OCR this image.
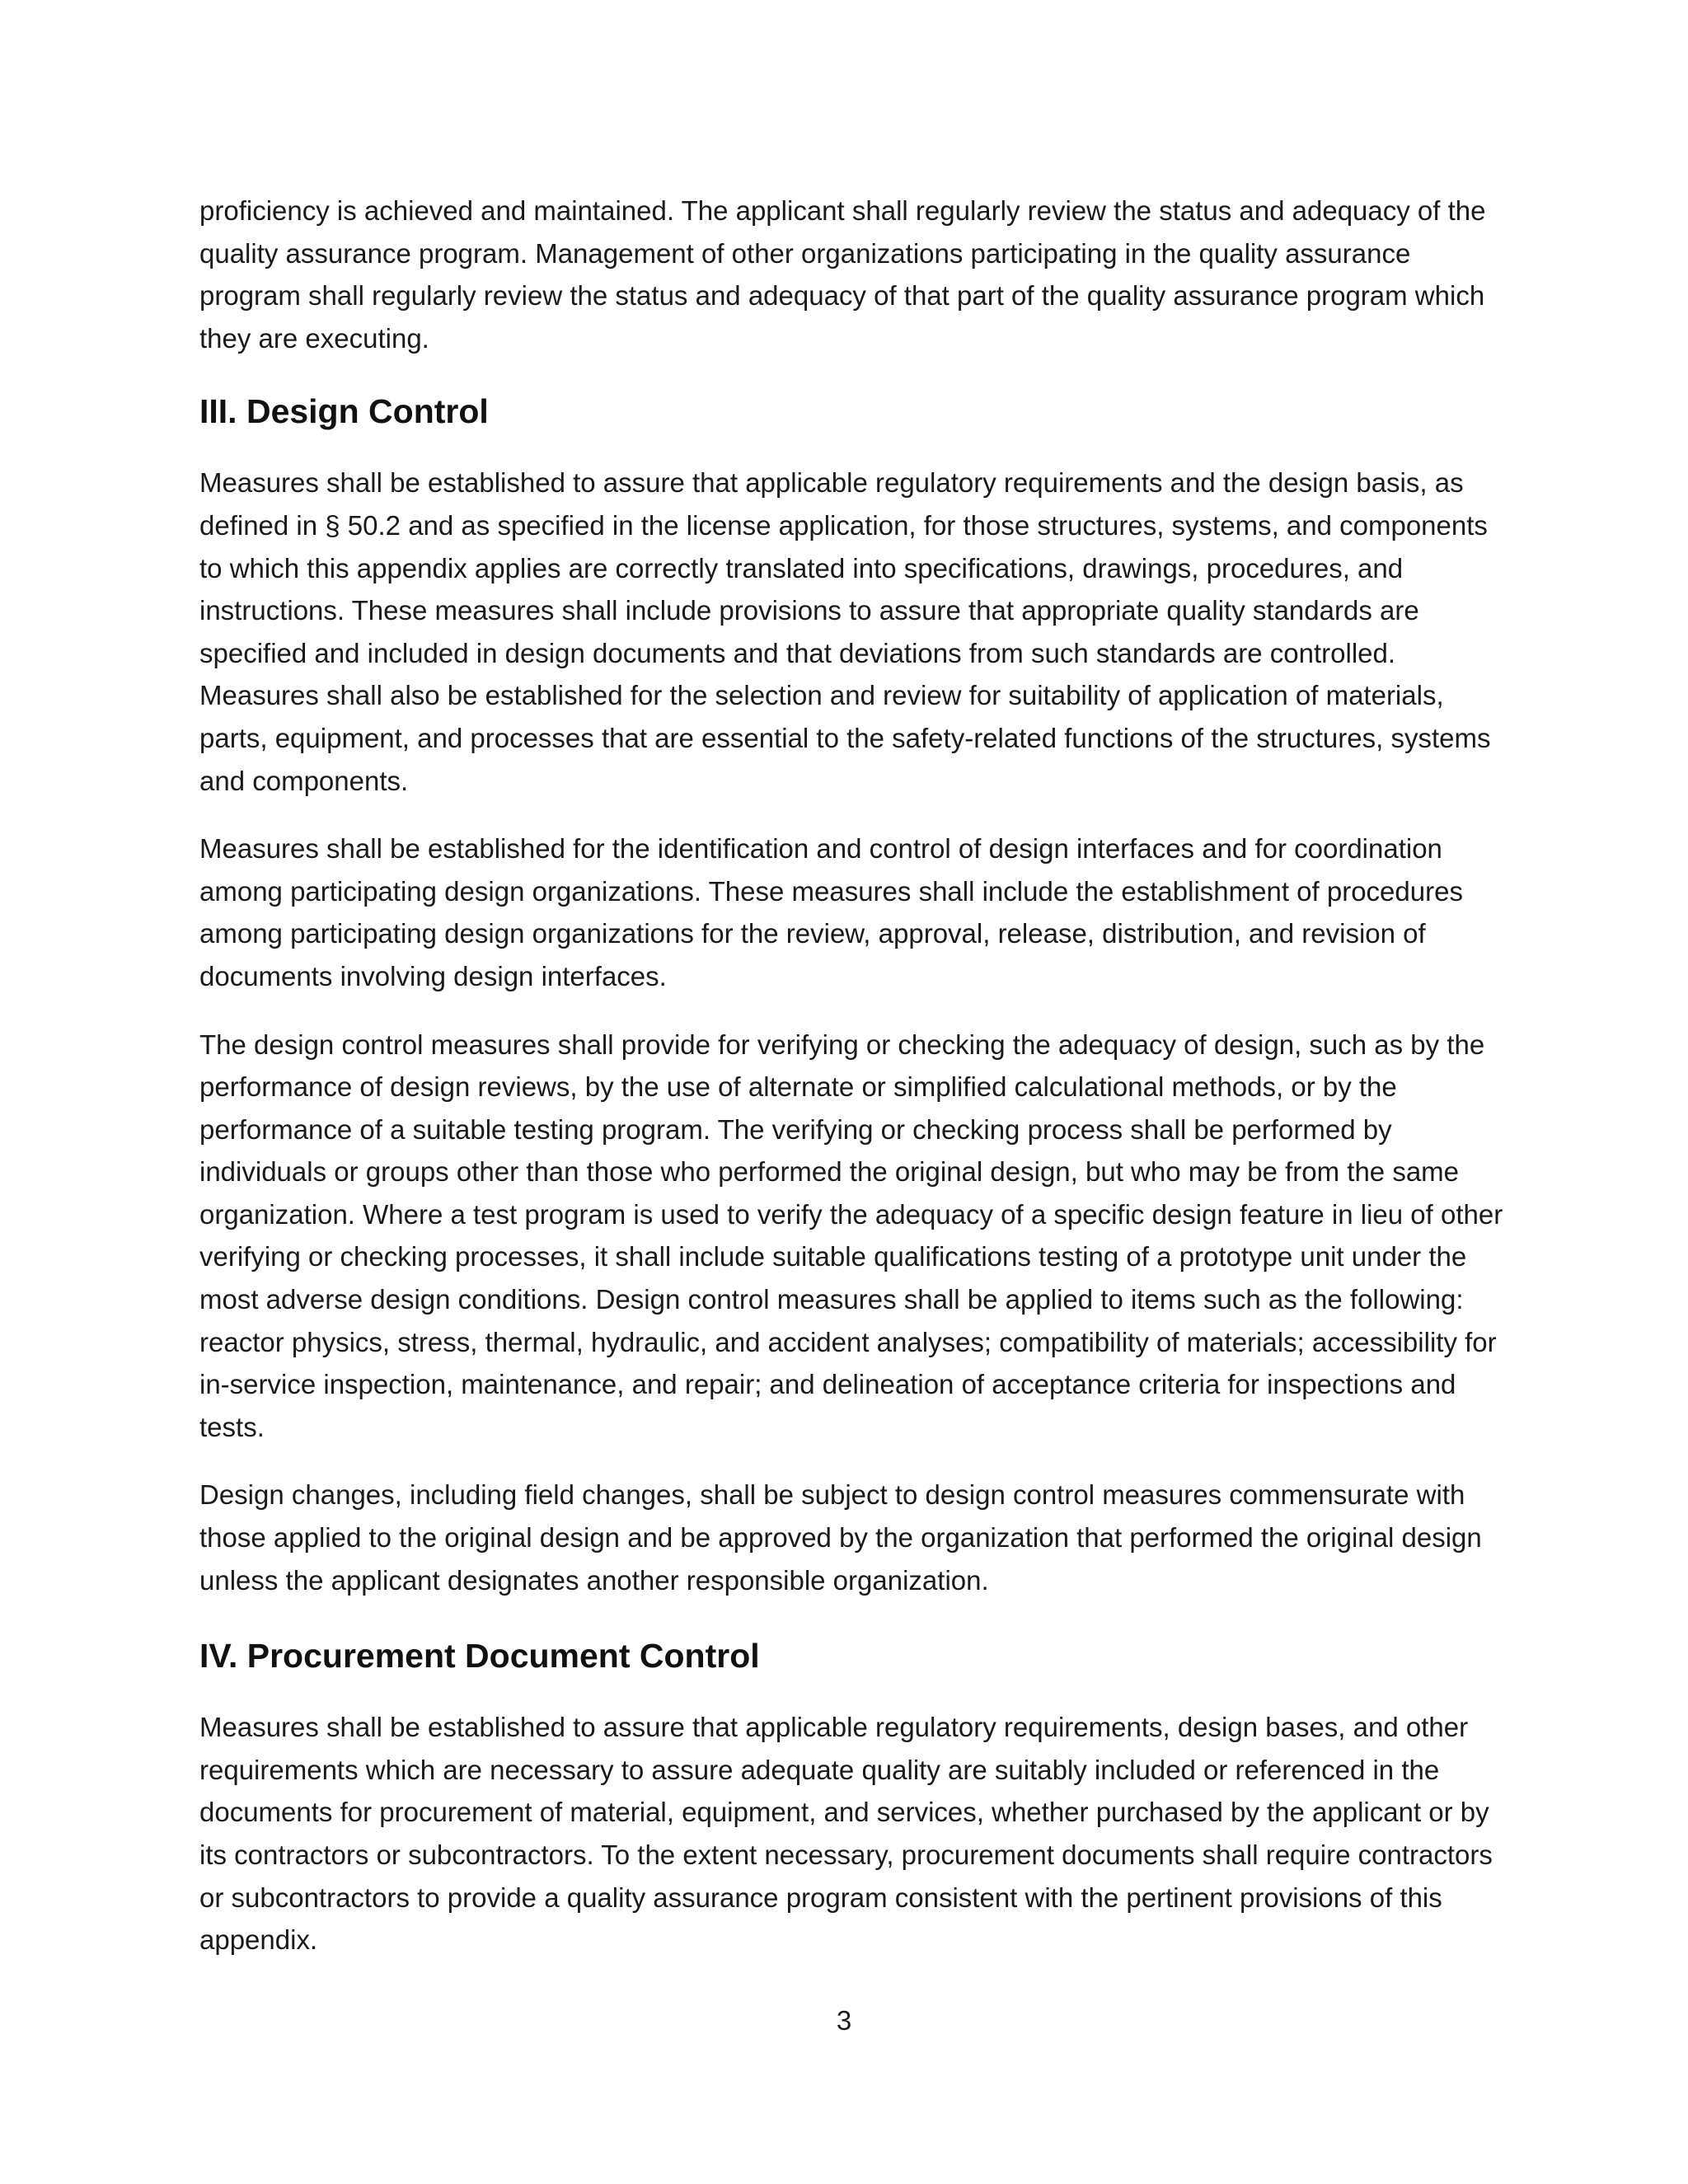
proficiency is achieved and maintained. The applicant shall regularly review the status and adequacy of the quality assurance program. Management of other organizations participating in the quality assurance program shall regularly review the status and adequacy of that part of the quality assurance program which they are executing.

III. Design Control

Measures shall be established to assure that applicable regulatory requirements and the design basis, as defined in § 50.2 and as specified in the license application, for those structures, systems, and components to which this appendix applies are correctly translated into specifications, drawings, procedures, and instructions. These measures shall include provisions to assure that appropriate quality standards are specified and included in design documents and that deviations from such standards are controlled. Measures shall also be established for the selection and review for suitability of application of materials, parts, equipment, and processes that are essential to the safety-related functions of the structures, systems and components.

Measures shall be established for the identification and control of design interfaces and for coordination among participating design organizations. These measures shall include the establishment of procedures among participating design organizations for the review, approval, release, distribution, and revision of documents involving design interfaces.

The design control measures shall provide for verifying or checking the adequacy of design, such as by the performance of design reviews, by the use of alternate or simplified calculational methods, or by the performance of a suitable testing program. The verifying or checking process shall be performed by individuals or groups other than those who performed the original design, but who may be from the same organization. Where a test program is used to verify the adequacy of a specific design feature in lieu of other verifying or checking processes, it shall include suitable qualifications testing of a prototype unit under the most adverse design conditions. Design control measures shall be applied to items such as the following: reactor physics, stress, thermal, hydraulic, and accident analyses; compatibility of materials; accessibility for in-service inspection, maintenance, and repair; and delineation of acceptance criteria for inspections and tests.

Design changes, including field changes, shall be subject to design control measures commensurate with those applied to the original design and be approved by the organization that performed the original design unless the applicant designates another responsible organization.

IV. Procurement Document Control

Measures shall be established to assure that applicable regulatory requirements, design bases, and other requirements which are necessary to assure adequate quality are suitably included or referenced in the documents for procurement of material, equipment, and services, whether purchased by the applicant or by its contractors or subcontractors. To the extent necessary, procurement documents shall require contractors or subcontractors to provide a quality assurance program consistent with the pertinent provisions of this appendix.

3
